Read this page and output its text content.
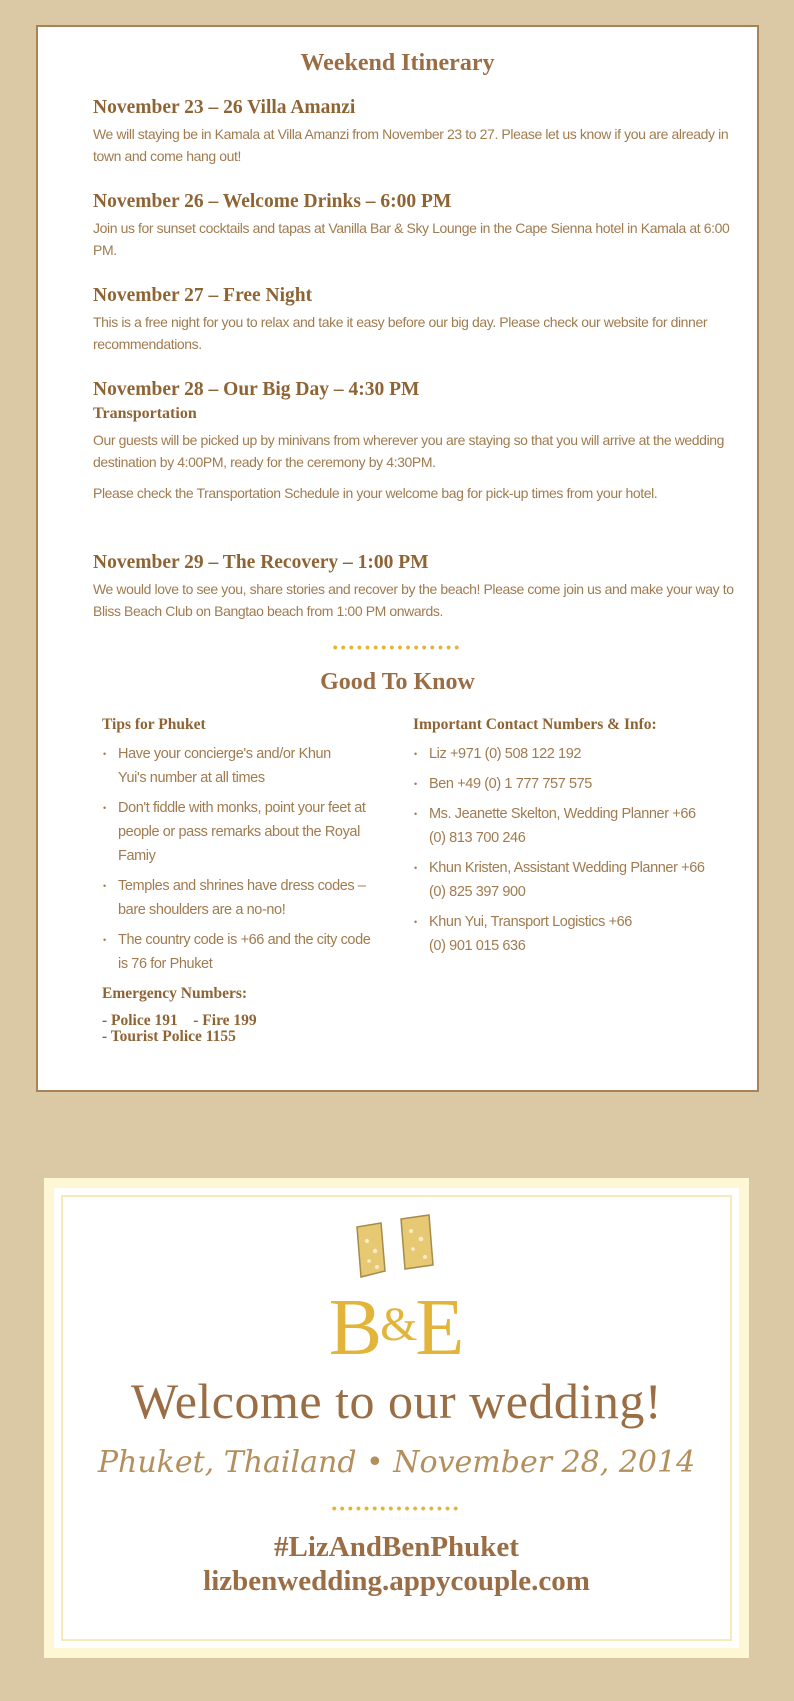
Weekend Itinerary
November 23 – 26 Villa Amanzi

We will staying be in Kamala at Villa Amanzi from November 23 to 27. Please let us know if you are already in town and come hang out!

November 26 – Welcome Drinks – 6:00 PM

Join us for sunset cocktails and tapas at Vanilla Bar & Sky Lounge in the Cape Sienna hotel in Kamala at 6:00 PM.

November 27 – Free Night

This is a free night for you to relax and take it easy before our big day. Please check our website for dinner recommendations.

November 28 – Our Big Day – 4:30 PM
Transportation

Our guests will be picked up by minivans from wherever you are staying so that you will arrive at the wedding destination by 4:00PM, ready for the ceremony by 4:30PM.

Please check the Transportation Schedule in your welcome bag for pick-up times from your hotel.

November 29 – The Recovery – 1:00 PM

We would love to see you, share stories and recover by the beach! Please come join us and make your way to Bliss Beach Club on Bangtao beach from 1:00 PM onwards.

••••••••••••••••
Good To Know
Tips for Phuket
• Have your concierge's and/or Khun Yui's number at all times
• Don't fiddle with monks, point your feet at people or pass remarks about the Royal Famiy
• Temples and shrines have dress codes – bare shoulders are a no-no!
• The country code is +66 and the city code is 76 for Phuket
Important Contact Numbers & Info:
• Liz +971 (0) 508 122 192
• Ben +49 (0) 1 777 757 575
• Ms. Jeanette Skelton, Wedding Planner +66 (0) 813 700 246
• Khun Kristen, Assistant Wedding Planner +66 (0) 825 397 900
• Khun Yui, Transport Logistics +66 (0) 901 015 636
Emergency Numbers:
- Police 191    - Fire 199
- Tourist Police 1155
B&E
Welcome to our wedding!
Phuket, Thailand • November 28, 2014
••••••••••••••••
#LizAndBenPhuket
lizbenwedding.appycouple.com
